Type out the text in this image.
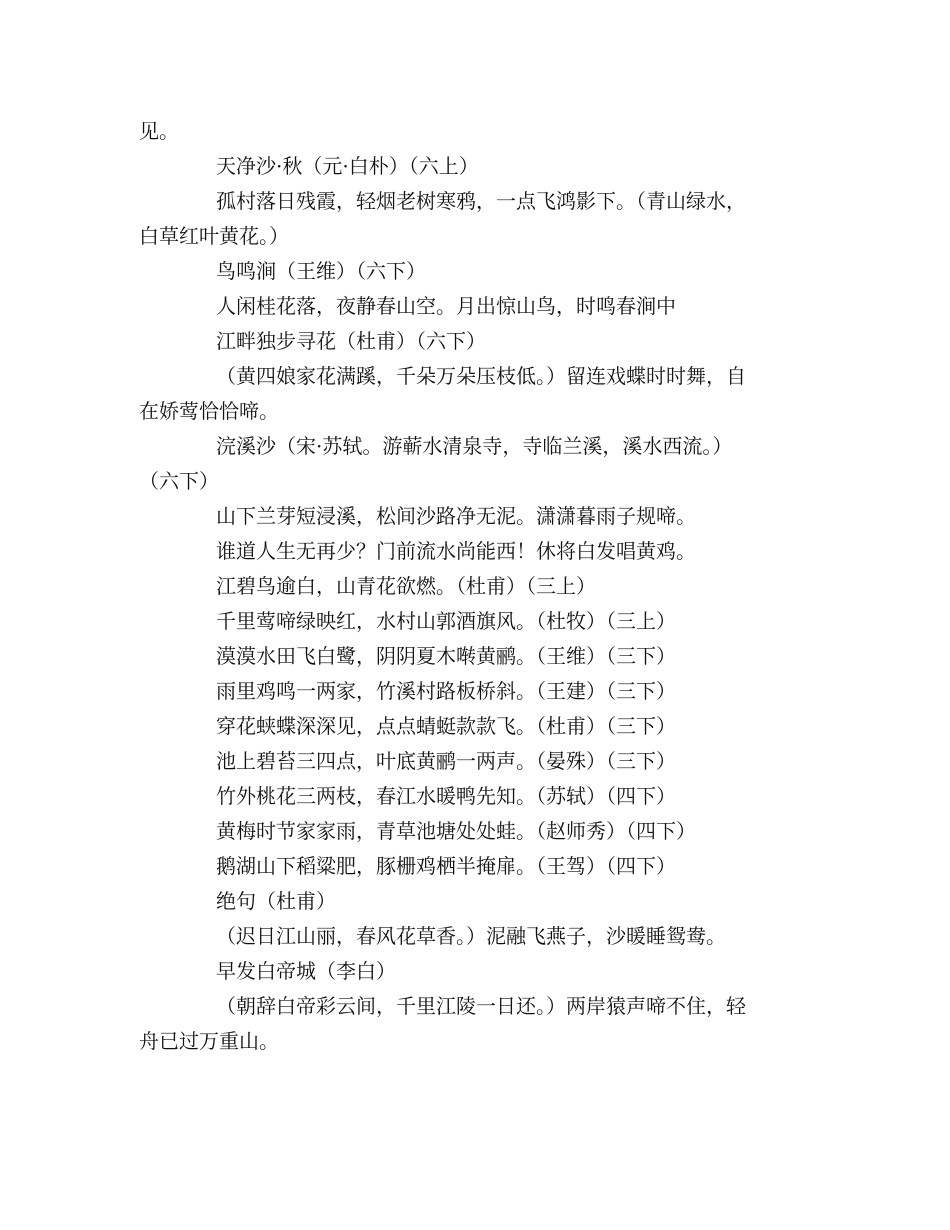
见。
天净沙·秋（元·白朴）（六上）
孤村落日残霞，轻烟老树寒鸦，一点飞鸿影下。（青山绿水，
白草红叶黄花。）
鸟鸣涧（王维）（六下）
人闲桂花落，夜静春山空。月出惊山鸟，时鸣春涧中
江畔独步寻花（杜甫）（六下）
（黄四娘家花满蹊，千朵万朵压枝低。）留连戏蝶时时舞，自
在娇莺恰恰啼。
浣溪沙（宋·苏轼。游蕲水清泉寺，寺临兰溪，溪水西流。）
（六下）
山下兰芽短浸溪，松间沙路净无泥。潇潇暮雨子规啼。
谁道人生无再少？门前流水尚能西！休将白发唱黄鸡。
江碧鸟逾白，山青花欲燃。（杜甫）（三上）
千里莺啼绿映红，水村山郭酒旗风。（杜牧）（三上）
漠漠水田飞白鹭，阴阴夏木啭黄鹂。（王维）（三下）
雨里鸡鸣一两家，竹溪村路板桥斜。（王建）（三下）
穿花蛱蝶深深见，点点蜻蜓款款飞。（杜甫）（三下）
池上碧苔三四点，叶底黄鹂一两声。（晏殊）（三下）
竹外桃花三两枝，春江水暖鸭先知。（苏轼）（四下）
黄梅时节家家雨，青草池塘处处蛙。（赵师秀）（四下）
鹅湖山下稻粱肥，豚栅鸡栖半掩扉。（王驾）（四下）
绝句（杜甫）
（迟日江山丽，春风花草香。）泥融飞燕子，沙暖睡鸳鸯。
早发白帝城（李白）
（朝辞白帝彩云间，千里江陵一日还。）两岸猿声啼不住，轻
舟已过万重山。
